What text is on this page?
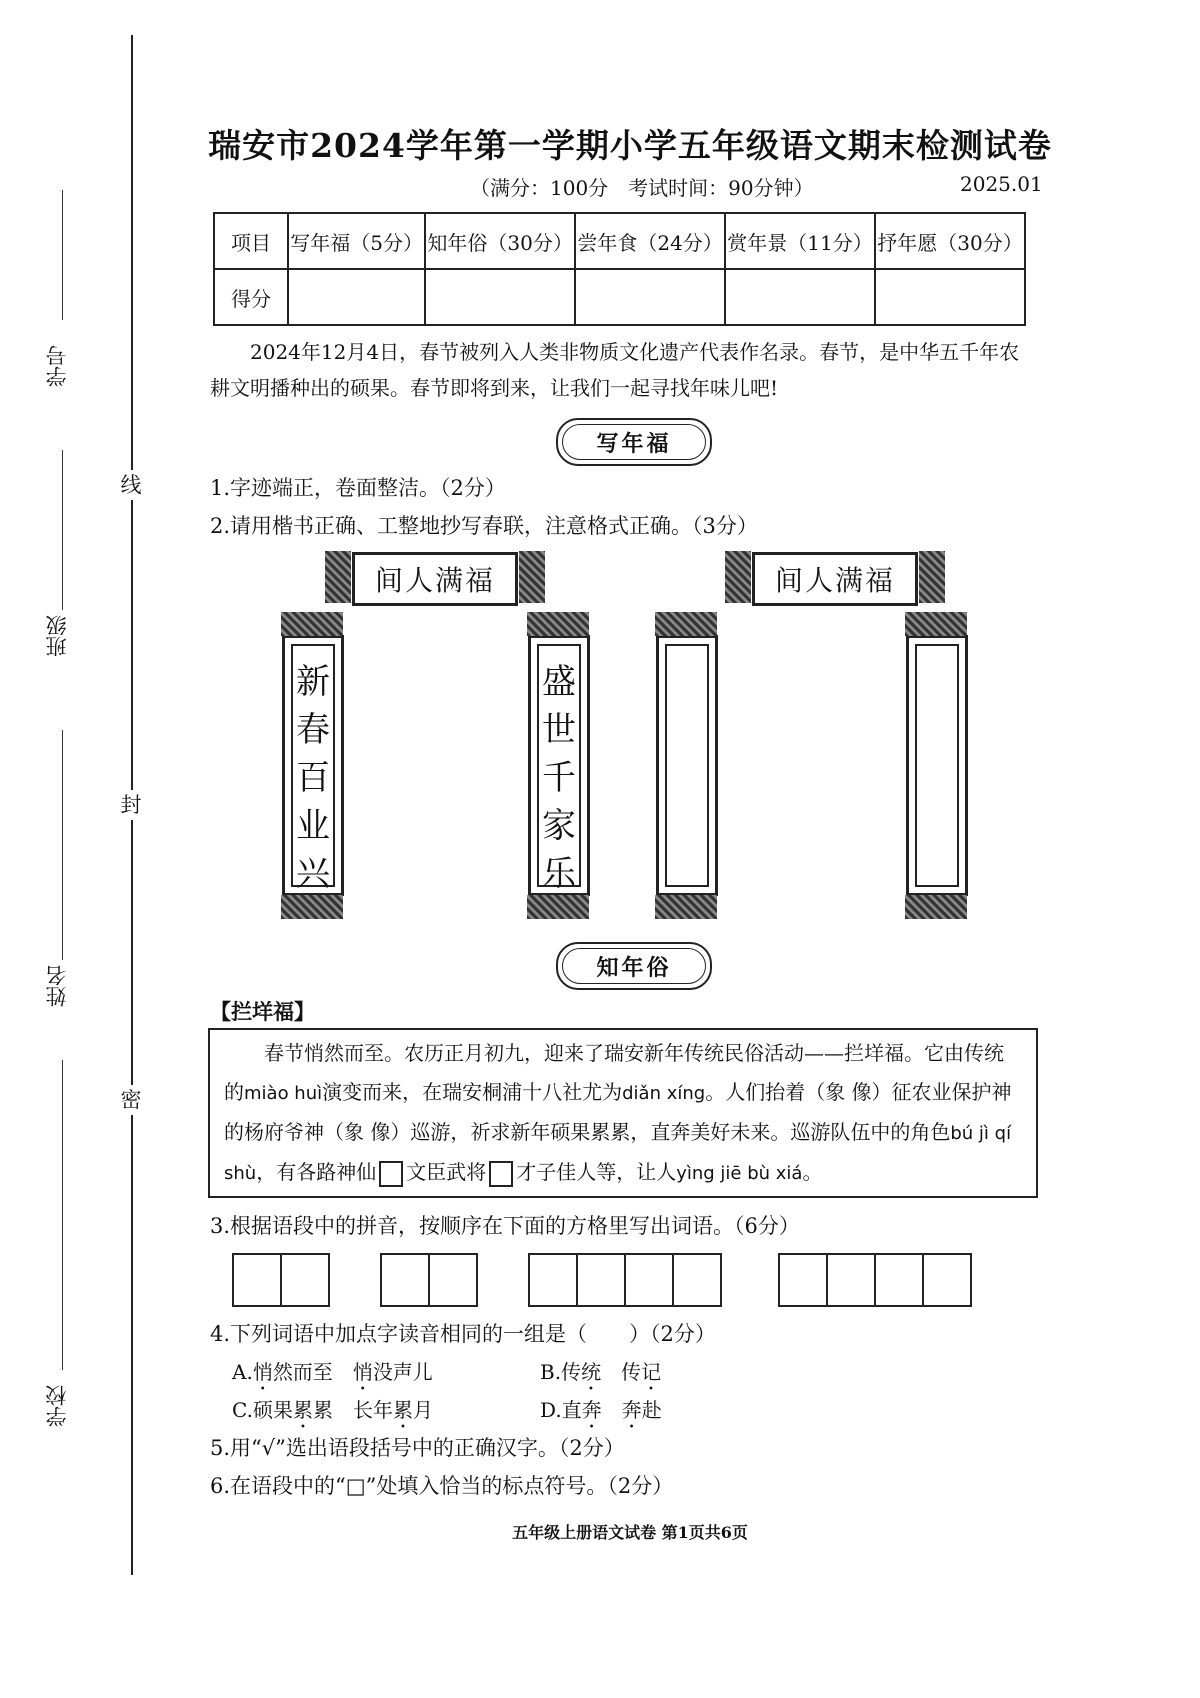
线
封
密
学号
班级
姓名
学校
瑞安市2024学年第一学期小学五年级语文期末检测试卷
（满分：100分　考试时间：90分钟）	2025.01
项目	写年福（5分）	知年俗（30分）	尝年食（24分）	赏年景（11分）	抒年愿（30分）
得分					
2024年12月4日，春节被列入人类非物质文化遗产代表作名录。春节，是中华五千年农耕文明播种出的硕果。春节即将到来，让我们一起寻找年味儿吧!
写年福
1.字迹端正，卷面整洁。（2分）
2.请用楷书正确、工整地抄写春联，注意格式正确。（3分）
间人满福
新
春
百
业
兴
盛
世
千
家
乐
间人满福
知年俗
【拦垟福】
春节悄然而至。农历正月初九，迎来了瑞安新年传统民俗活动——拦垟福。它由传统的miào huì演变而来，在瑞安桐浦十八社尤为diǎn xíng。人们抬着（象 像）征农业保护神的杨府爷神（象 像）巡游，祈求新年硕果累累，直奔美好未来。巡游队伍中的角色bú jì qí shù，有各路神仙 文臣武将 才子佳人等，让人yìng jiē bù xiá。
3.根据语段中的拼音，按顺序在下面的方格里写出词语。（6分）
4.下列词语中加点字读音相同的一组是（　　）（2分）
A.悄然而至　 悄没声儿	B.传统　 传记
C.硕果累累　 长年累月	D.直奔　 奔赴
5.用“√”选出语段括号中的正确汉字。（2分）
6.在语段中的“□”处填入恰当的标点符号。（2分）
五年级上册语文试卷 第1页共6页
